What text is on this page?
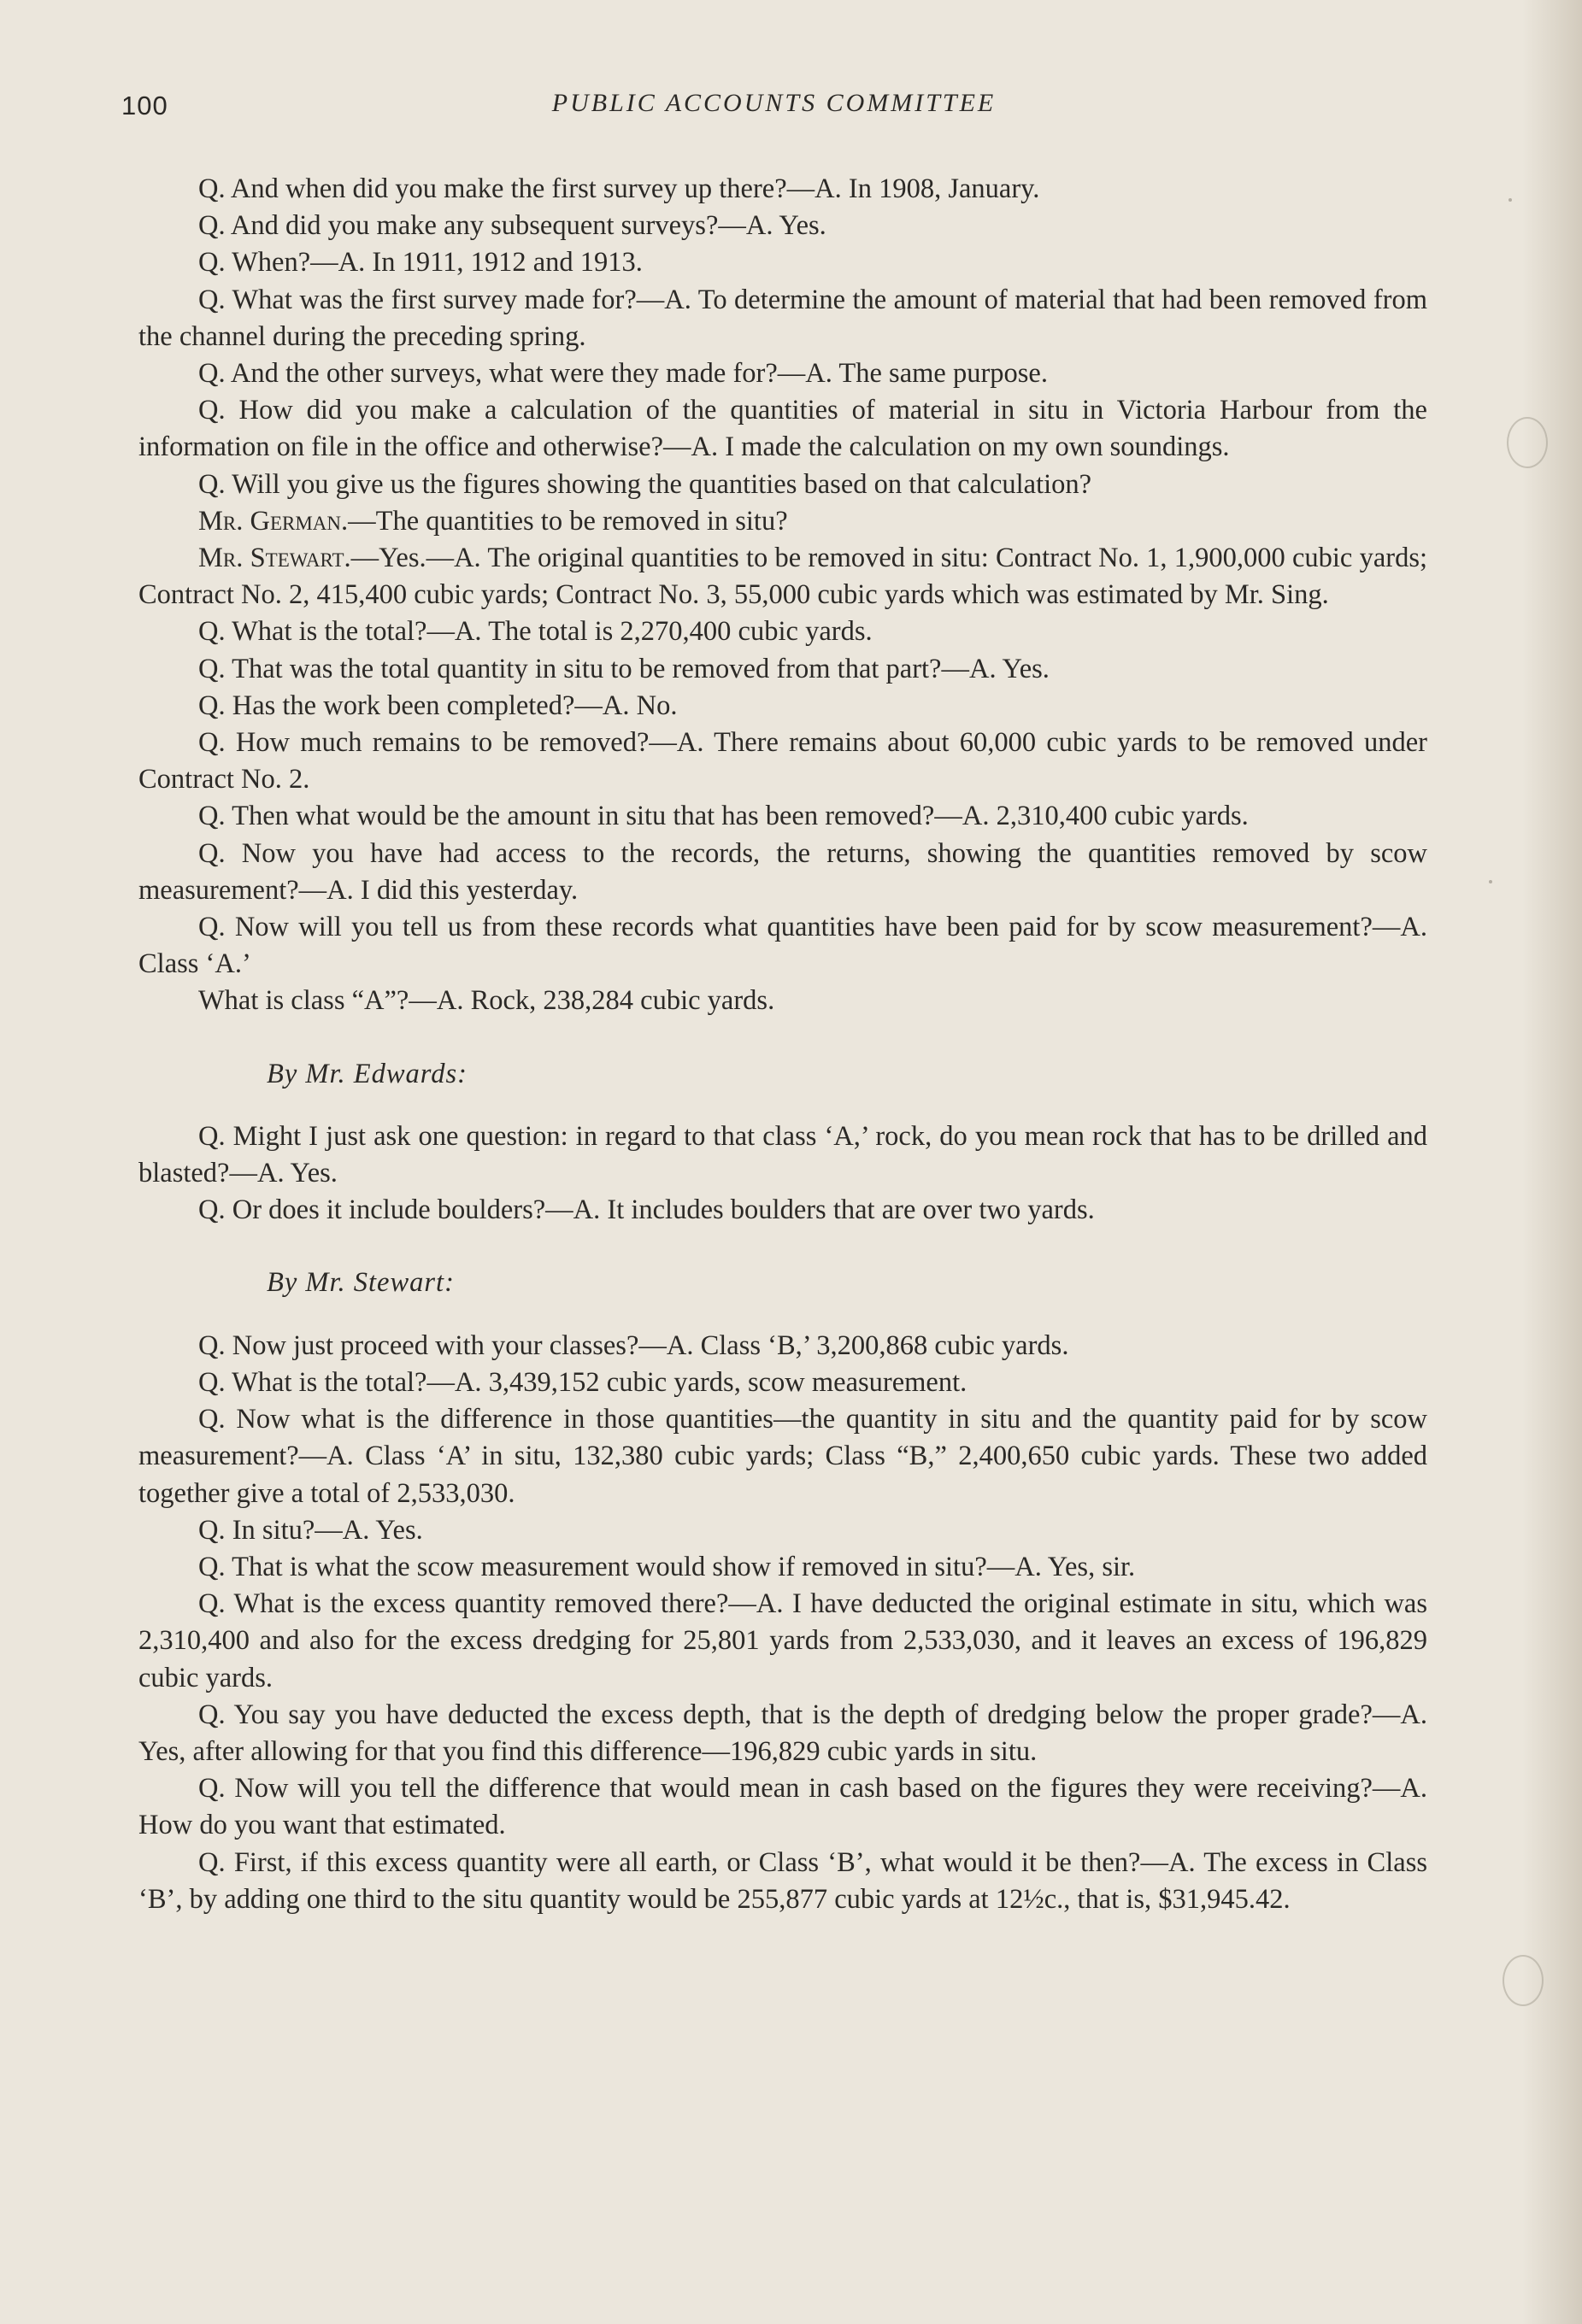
100	PUBLIC ACCOUNTS COMMITTEE

Q. And when did you make the first survey up there?—A. In 1908, January.

Q. And did you make any subsequent surveys?—A. Yes.

Q. When?—A. In 1911, 1912 and 1913.

Q. What was the first survey made for?—A. To determine the amount of material that had been removed from the channel during the preceding spring.

Q. And the other surveys, what were they made for?—A. The same purpose.

Q. How did you make a calculation of the quantities of material in situ in Victoria Harbour from the information on file in the office and otherwise?—A. I made the calculation on my own soundings.

Q. Will you give us the figures showing the quantities based on that calculation?

Mr. German.—The quantities to be removed in situ?

Mr. Stewart.—Yes.—A. The original quantities to be removed in situ: Contract No. 1, 1,900,000 cubic yards; Contract No. 2, 415,400 cubic yards; Contract No. 3, 55,000 cubic yards which was estimated by Mr. Sing.

Q. What is the total?—A. The total is 2,270,400 cubic yards.

Q. That was the total quantity in situ to be removed from that part?—A. Yes.

Q. Has the work been completed?—A. No.

Q. How much remains to be removed?—A. There remains about 60,000 cubic yards to be removed under Contract No. 2.

Q. Then what would be the amount in situ that has been removed?—A. 2,310,400 cubic yards.

Q. Now you have had access to the records, the returns, showing the quantities removed by scow measurement?—A. I did this yesterday.

Q. Now will you tell us from these records what quantities have been paid for by scow measurement?—A. Class ‘A.’

What is class “A”?—A. Rock, 238,284 cubic yards.

By Mr. Edwards:

Q. Might I just ask one question: in regard to that class ‘A,’ rock, do you mean rock that has to be drilled and blasted?—A. Yes.

Q. Or does it include boulders?—A. It includes boulders that are over two yards.

By Mr. Stewart:

Q. Now just proceed with your classes?—A. Class ‘B,’ 3,200,868 cubic yards.

Q. What is the total?—A. 3,439,152 cubic yards, scow measurement.

Q. Now what is the difference in those quantities—the quantity in situ and the quantity paid for by scow measurement?—A. Class ‘A’ in situ, 132,380 cubic yards; Class “B,” 2,400,650 cubic yards. These two added together give a total of 2,533,030.

Q. In situ?—A. Yes.

Q. That is what the scow measurement would show if removed in situ?—A. Yes, sir.

Q. What is the excess quantity removed there?—A. I have deducted the original estimate in situ, which was 2,310,400 and also for the excess dredging for 25,801 yards from 2,533,030, and it leaves an excess of 196,829 cubic yards.

Q. You say you have deducted the excess depth, that is the depth of dredging below the proper grade?—A. Yes, after allowing for that you find this difference—196,829 cubic yards in situ.

Q. Now will you tell the difference that would mean in cash based on the figures they were receiving?—A. How do you want that estimated.

Q. First, if this excess quantity were all earth, or Class ‘B’, what would it be then?—A. The excess in Class ‘B’, by adding one third to the situ quantity would be 255,877 cubic yards at 12½c., that is, $31,945.42.
